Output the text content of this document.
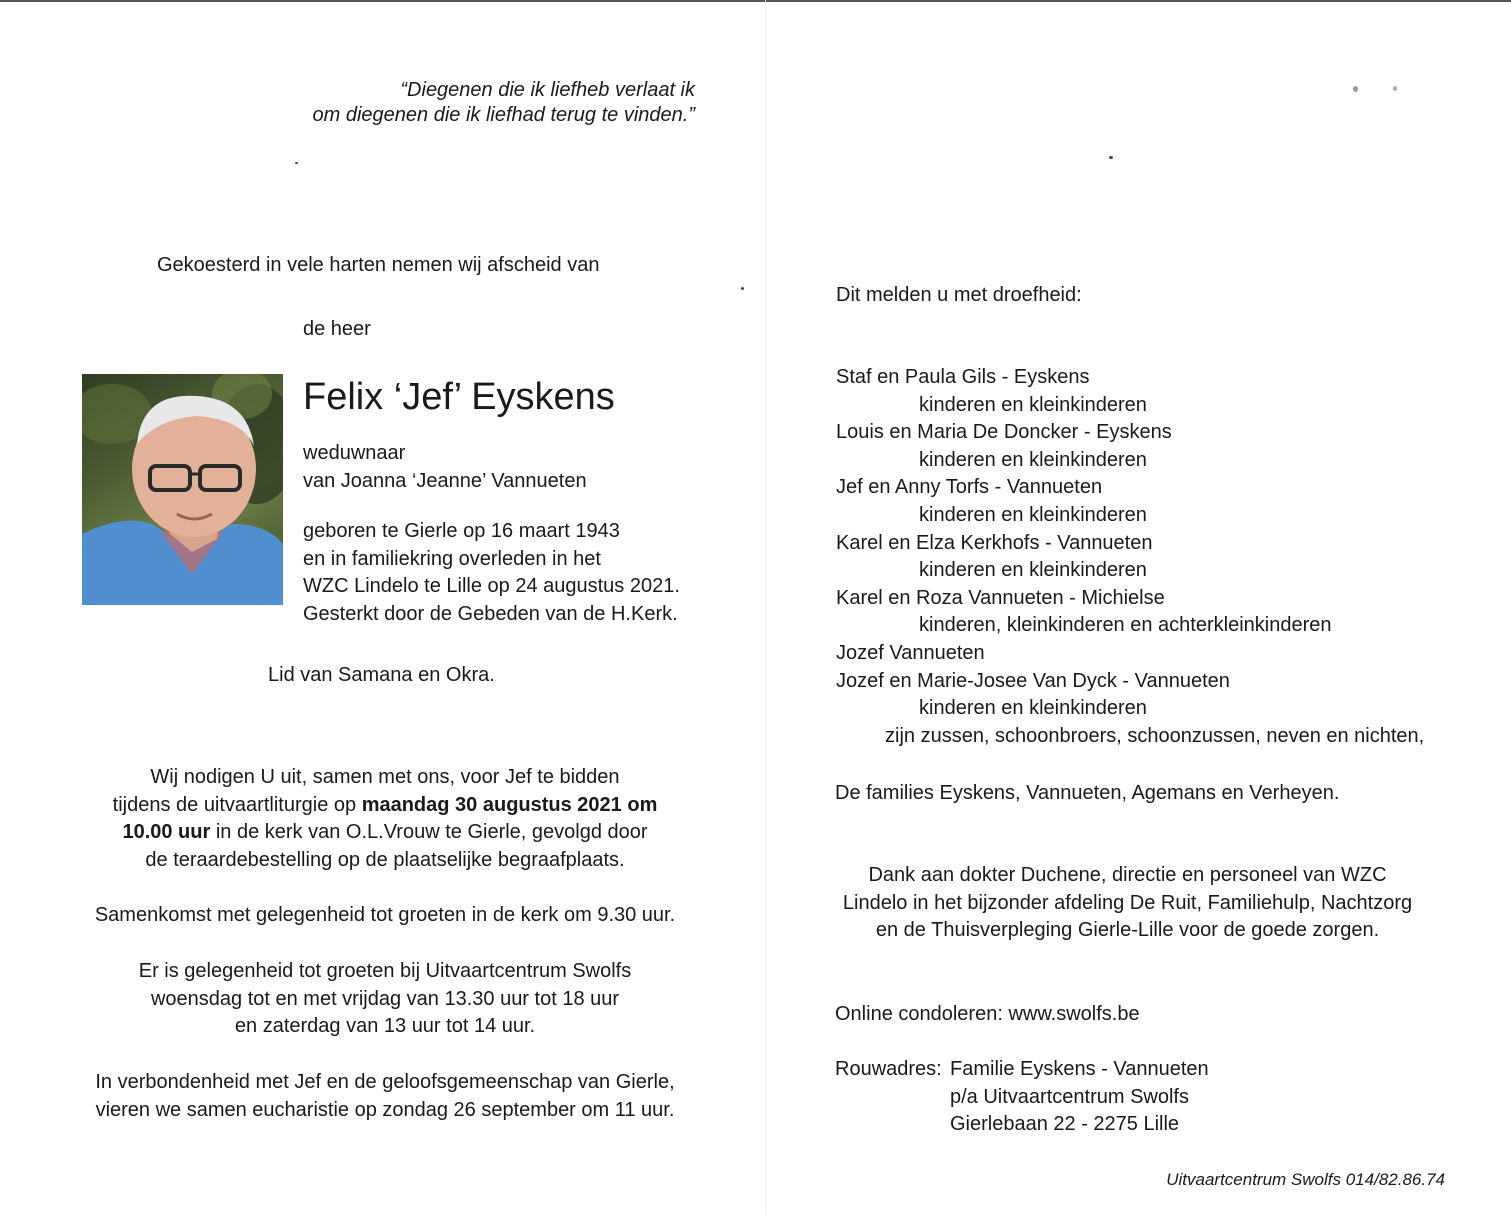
“Diegenen die ik liefheb verlaat ik
om diegenen die ik liefhad terug te vinden.”
Gekoesterd in vele harten nemen wij afscheid van
de heer
Felix ‘Jef’ Eyskens
weduwnaar
van Joanna ‘Jeanne’ Vannueten
geboren te Gierle op 16 maart 1943
en in familiekring overleden in het
WZC Lindelo te Lille op 24 augustus 2021.
Gesterkt door de Gebeden van de H.Kerk.
Lid van Samana en Okra.
Wij nodigen U uit, samen met ons, voor Jef te bidden
tijdens de uitvaartliturgie op maandag 30 augustus 2021 om
10.00 uur in de kerk van O.L.Vrouw te Gierle, gevolgd door
de teraardebestelling op de plaatselijke begraafplaats.
Samenkomst met gelegenheid tot groeten in de kerk om 9.30 uur.
Er is gelegenheid tot groeten bij Uitvaartcentrum Swolfs
woensdag tot en met vrijdag van 13.30 uur tot 18 uur
en zaterdag van 13 uur tot 14 uur.
In verbondenheid met Jef en de geloofsgemeenschap van Gierle,
vieren we samen eucharistie op zondag 26 september om 11 uur.
Dit melden u met droefheid:
Staf en Paula Gils - Eyskens
kinderen en kleinkinderen
Louis en Maria De Doncker - Eyskens
kinderen en kleinkinderen
Jef en Anny Torfs - Vannueten
kinderen en kleinkinderen
Karel en Elza Kerkhofs - Vannueten
kinderen en kleinkinderen
Karel en Roza Vannueten - Michielse
kinderen, kleinkinderen en achterkleinkinderen
Jozef Vannueten
Jozef en Marie-Josee Van Dyck - Vannueten
kinderen en kleinkinderen
zijn zussen, schoonbroers, schoonzussen, neven en nichten,
De families Eyskens, Vannueten, Agemans en Verheyen.
Dank aan dokter Duchene, directie en personeel van WZC
Lindelo in het bijzonder afdeling De Ruit, Familiehulp, Nachtzorg
en de Thuisverpleging Gierle-Lille voor de goede zorgen.
Online condoleren: www.swolfs.be
Rouwadres: Familie Eyskens - Vannueten
p/a Uitvaartcentrum Swolfs
Gierlebaan 22 - 2275 Lille
Uitvaartcentrum Swolfs 014/82.86.74
